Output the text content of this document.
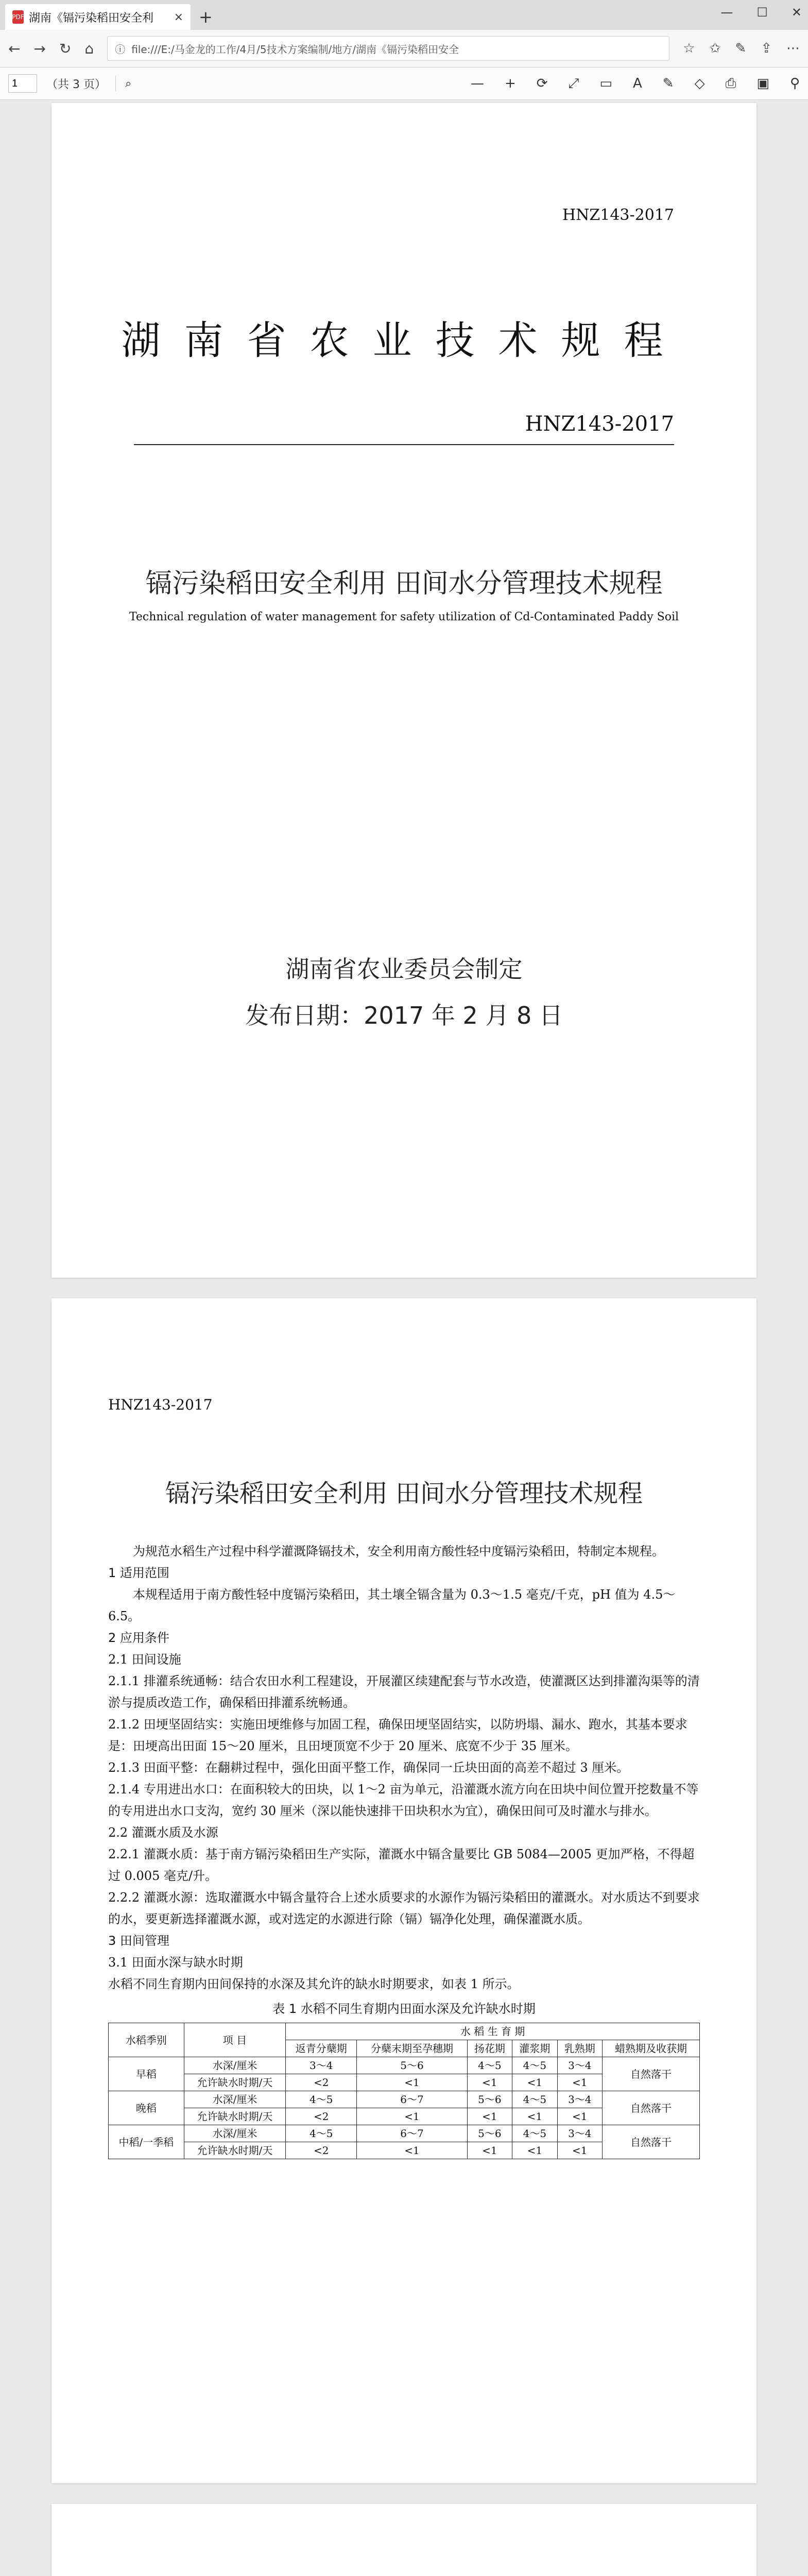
PDF 湖南《镉污染稻田安全利	× +	— ☐ ✕
← → ↻ ⌂ ⓘ file:///E:/马金龙的工作/4月/5技术方案编制/地方/湖南《镉污染稻田安全	☆ ✩ ✎ ⇪ ⋯
1
（共 3 页） ⌕	— + ⟳ ⤢ ▭ A ✎ ◇ ⎙ ▣ ⚲
HNZ143-2017
湖南省农业技术规程
HNZ143-2017
镉污染稻田安全利用 田间水分管理技术规程
Technical regulation of water management for safety utilization of Cd-Contaminated Paddy Soil
湖南省农业委员会制定
发布日期：2017 年 2 月 8 日
HNZ143-2017
镉污染稻田安全利用 田间水分管理技术规程

为规范水稻生产过程中科学灌溉降镉技术，安全利用南方酸性轻中度镉污染稻田，特制定本规程。

1 适用范围

本规程适用于南方酸性轻中度镉污染稻田，其土壤全镉含量为 0.3～1.5 毫克/千克，pH 值为 4.5～6.5。

2 应用条件

2.1 田间设施

2.1.1 排灌系统通畅：结合农田水利工程建设，开展灌区续建配套与节水改造，使灌溉区达到排灌沟渠等的清淤与提质改造工作，确保稻田排灌系统畅通。

2.1.2 田埂坚固结实：实施田埂维修与加固工程，确保田埂坚固结实，以防坍塌、漏水、跑水，其基本要求是：田埂高出田面 15～20 厘米，且田埂顶宽不少于 20 厘米、底宽不少于 35 厘米。

2.1.3 田面平整：在翻耕过程中，强化田面平整工作，确保同一丘块田面的高差不超过 3 厘米。

2.1.4 专用进出水口：在面积较大的田块，以 1～2 亩为单元，沿灌溉水流方向在田块中间位置开挖数量不等的专用进出水口支沟，宽约 30 厘米（深以能快速排干田块积水为宜），确保田间可及时灌水与排水。

2.2 灌溉水质及水源

2.2.1 灌溉水质：基于南方镉污染稻田生产实际，灌溉水中镉含量要比 GB 5084—2005 更加严格，不得超过 0.005 毫克/升。

2.2.2 灌溉水源：选取灌溉水中镉含量符合上述水质要求的水源作为镉污染稻田的灌溉水。对水质达不到要求的水，要更新选择灌溉水源，或对选定的水源进行除（镉）镉净化处理，确保灌溉水质。

3 田间管理

3.1 田面水深与缺水时期

水稻不同生育期内田间保持的水深及其允许的缺水时期要求，如表 1 所示。

表 1 水稻不同生育期内田面水深及允许缺水时期
水稻季别	项 目	水 稻 生 育 期					
		返青分蘖期	分蘖末期至孕穗期	扬花期	灌浆期	乳熟期	蜡熟期及收获期
早稻	水深/厘米	3～4	5～6	4～5	4～5	3～4	自然落干
	允许缺水时期/天	<2	<1	<1	<1	<1	
晚稻	水深/厘米	4～5	6～7	5～6	4～5	3～4	自然落干
	允许缺水时期/天	<2	<1	<1	<1	<1	
中稻/一季稻	水深/厘米	4～5	6～7	5～6	4～5	3～4	自然落干
	允许缺水时期/天	<2	<1	<1	<1	<1	
